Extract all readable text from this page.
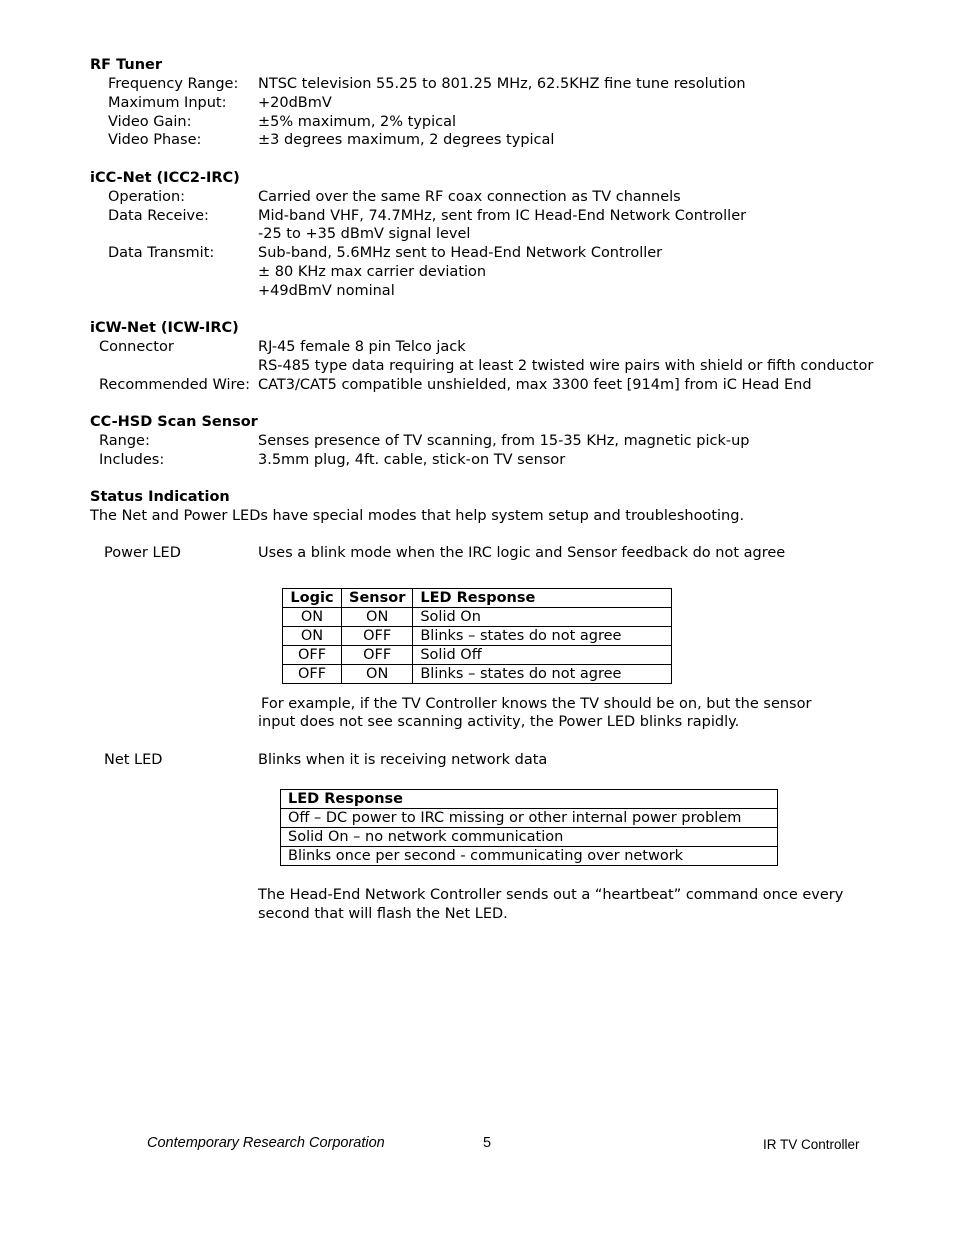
RF Tuner
Frequency Range: NTSC television 55.25 to 801.25 MHz, 62.5KHZ fine tune resolution
Maximum Input: +20dBmV
Video Gain:	±5% maximum, 2% typical
Video Phase:	±3 degrees maximum, 2 degrees typical
iCC-Net (ICC2-IRC)
Operation:	Carried over the same RF coax connection as TV channels
Data Receive:	Mid-band VHF, 74.7MHz, sent from IC Head-End Network Controller
-25 to +35 dBmV signal level
Data Transmit:	Sub-band, 5.6MHz sent to Head-End Network Controller
± 80 KHz max carrier deviation
+49dBmV nominal
iCW-Net (ICW-IRC)
Connector	RJ-45 female 8 pin Telco jack
RS-485 type data requiring at least 2 twisted wire pairs with shield or fifth conductor
Recommended Wire: CAT3/CAT5 compatible unshielded, max 3300 feet [914m] from iC Head End
CC-HSD Scan Sensor
Range:	Senses presence of TV scanning, from 15-35 KHz, magnetic pick-up
Includes:	3.5mm plug, 4ft. cable, stick-on TV sensor
Status Indication
The Net and Power LEDs have special modes that help system setup and troubleshooting.
Power LED	Uses a blink mode when the IRC logic and Sensor feedback do not agree
Logic	Sensor	LED Response
ON	ON	Solid On
ON	OFF	Blinks – states do not agree
OFF	OFF	Solid Off
OFF	ON	Blinks – states do not agree
For example, if the TV Controller knows the TV should be on, but the sensor
input does not see scanning activity, the Power LED blinks rapidly.
Net LED	Blinks when it is receiving network data
LED Response
Off – DC power to IRC missing or other internal power problem
Solid On – no network communication
Blinks once per second - communicating over network
The Head-End Network Controller sends out a “heartbeat” command once every
second that will flash the Net LED.
Contemporary Research Corporation	5	IR TV Controller
